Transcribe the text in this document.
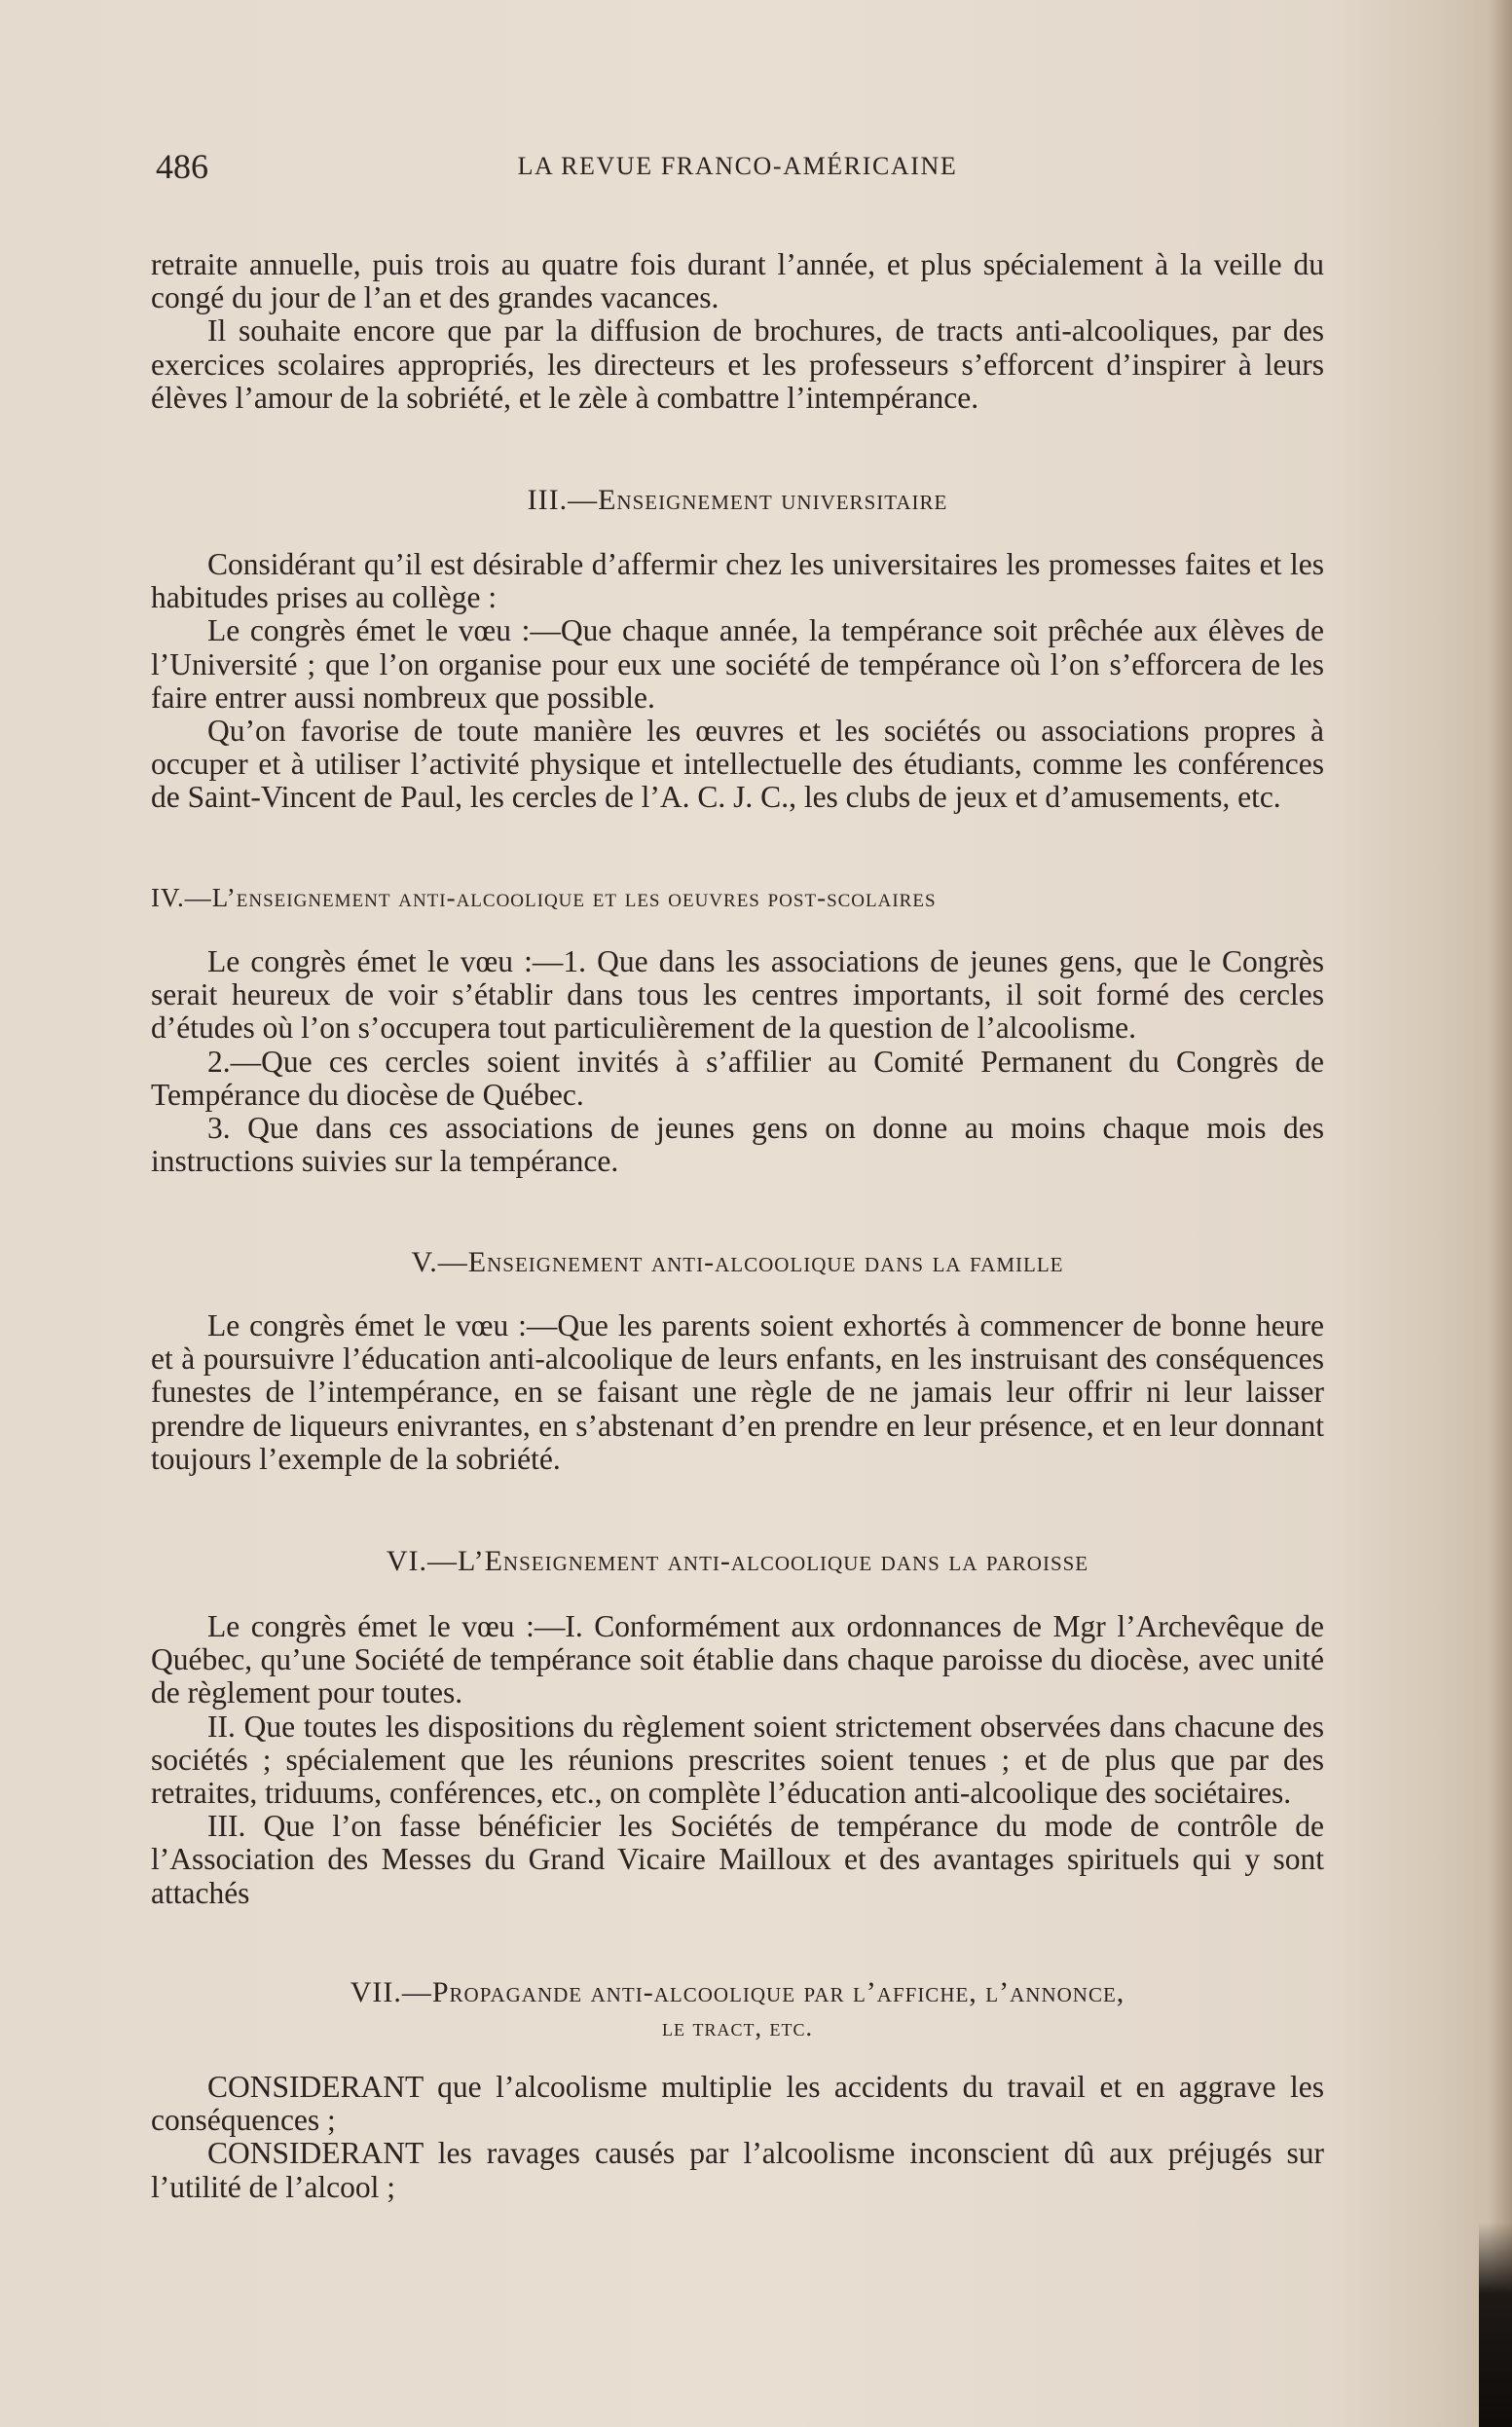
486	LA REVUE FRANCO-AMÉRICAINE

retraite annuelle, puis trois au quatre fois durant l’année, et plus spécialement à la veille du congé du jour de l’an et des grandes vacances.

Il souhaite encore que par la diffusion de brochures, de tracts anti-alcooliques, par des exercices scolaires appropriés, les directeurs et les professeurs s’efforcent d’inspirer à leurs élèves l’amour de la sobriété, et le zèle à combattre l’intempérance.

III.—Enseignement universitaire

Considérant qu’il est désirable d’affermir chez les universitaires les promesses faites et les habitudes prises au collège :

Le congrès émet le vœu :—Que chaque année, la tempérance soit prêchée aux élèves de l’Université ; que l’on organise pour eux une société de tempérance où l’on s’efforcera de les faire entrer aussi nombreux que possible.

Qu’on favorise de toute manière les œuvres et les sociétés ou associations propres à occuper et à utiliser l’activité physique et intellectuelle des étudiants, comme les conférences de Saint-Vincent de Paul, les cercles de l’A. C. J. C., les clubs de jeux et d’amusements, etc.

IV.—L’enseignement anti-alcoolique et les oeuvres post-scolaires

Le congrès émet le vœu :—1. Que dans les associations de jeunes gens, que le Congrès serait heureux de voir s’établir dans tous les centres importants, il soit formé des cercles d’études où l’on s’occupera tout particulièrement de la question de l’alcoolisme.

2.—Que ces cercles soient invités à s’affilier au Comité Permanent du Congrès de Tempérance du diocèse de Québec.

3. Que dans ces associations de jeunes gens on donne au moins chaque mois des instructions suivies sur la tempérance.

V.—Enseignement anti-alcoolique dans la famille

Le congrès émet le vœu :—Que les parents soient exhortés à commencer de bonne heure et à poursuivre l’éducation anti-alcoolique de leurs enfants, en les instruisant des conséquences funestes de l’intempérance, en se faisant une règle de ne jamais leur offrir ni leur laisser prendre de liqueurs enivrantes, en s’abstenant d’en prendre en leur présence, et en leur donnant toujours l’exemple de la sobriété.

VI.—L’Enseignement anti-alcoolique dans la paroisse

Le congrès émet le vœu :—I. Conformément aux ordonnances de Mgr l’Archevêque de Québec, qu’une Société de tempérance soit établie dans chaque paroisse du diocèse, avec unité de règlement pour toutes.

II. Que toutes les dispositions du règlement soient strictement observées dans chacune des sociétés ; spécialement que les réunions prescrites soient tenues ; et de plus que par des retraites, triduums, conférences, etc., on complète l’éducation anti-alcoolique des sociétaires.

III. Que l’on fasse bénéficier les Sociétés de tempérance du mode de contrôle de l’Association des Messes du Grand Vicaire Mailloux et des avantages spirituels qui y sont attachés

VII.—Propagande anti-alcoolique par l’affiche, l’annonce,
le tract, etc.

CONSIDERANT que l’alcoolisme multiplie les accidents du travail et en aggrave les conséquences ;

CONSIDERANT les ravages causés par l’alcoolisme inconscient dû aux préjugés sur l’utilité de l’alcool ;
